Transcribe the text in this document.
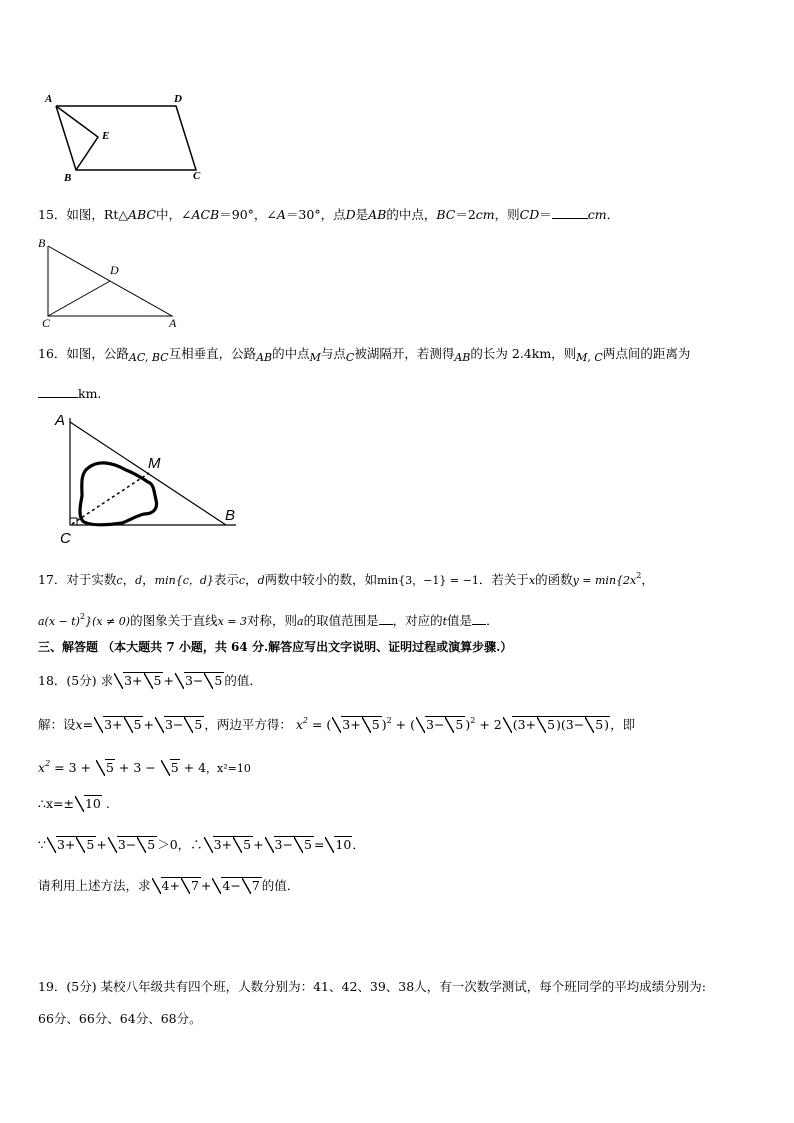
A	D
E
B	C
15．如图，Rt△ABC中，∠ACB＝90°，∠A＝30°，点D是AB的中点，BC＝2cm，则CD＝	cm．
B
D
C	A
16．如图，公路AC, BC互相垂直，公路AB的中点M与点C被湖隔开，若测得AB的长为 2.4km，则M, C两点间的距离为
km.
A
M
B
C
17．对于实数c，d，min{c，d}表示c，d两数中较小的数，如min{3，−1} = −1．若关于x的函数$y = \min\{2x^2$，
$a(x - t)^2\}(x \ne 0)$的图象关于直线x = 3对称，则a的取值范围是 ，对应的t值是 ．
三、解答题 （本大题共 7 小题，共 64 分.解答应写出文字说明、证明过程或演算步骤.）
18．(5分) 求 3+ 5 + 3− 5 的值．
解：设x= 3+ 5 + 3− 5 ，两边平方得： $x^2$ = ( 3+ 5 )$^2$ + ( 3− 5 )$^2$ + 2 (3+ 5)(3− 5)，即
$x^2 = 3 + 5 + 3 - 5 + 4$，x²=10
∴x=± 10 .
∵ 3+ 5 + 3− 5 ＞0，∴ 3+ 5 + 3− 5 = 10．
请利用上述方法，求 4+ 7 + 4− 7 的值．
19．(5分) 某校八年级共有四个班，人数分别为：41、42、39、38人，有一次数学测试，每个班同学的平均成绩分别为:
66分、66分、64分、68分。
